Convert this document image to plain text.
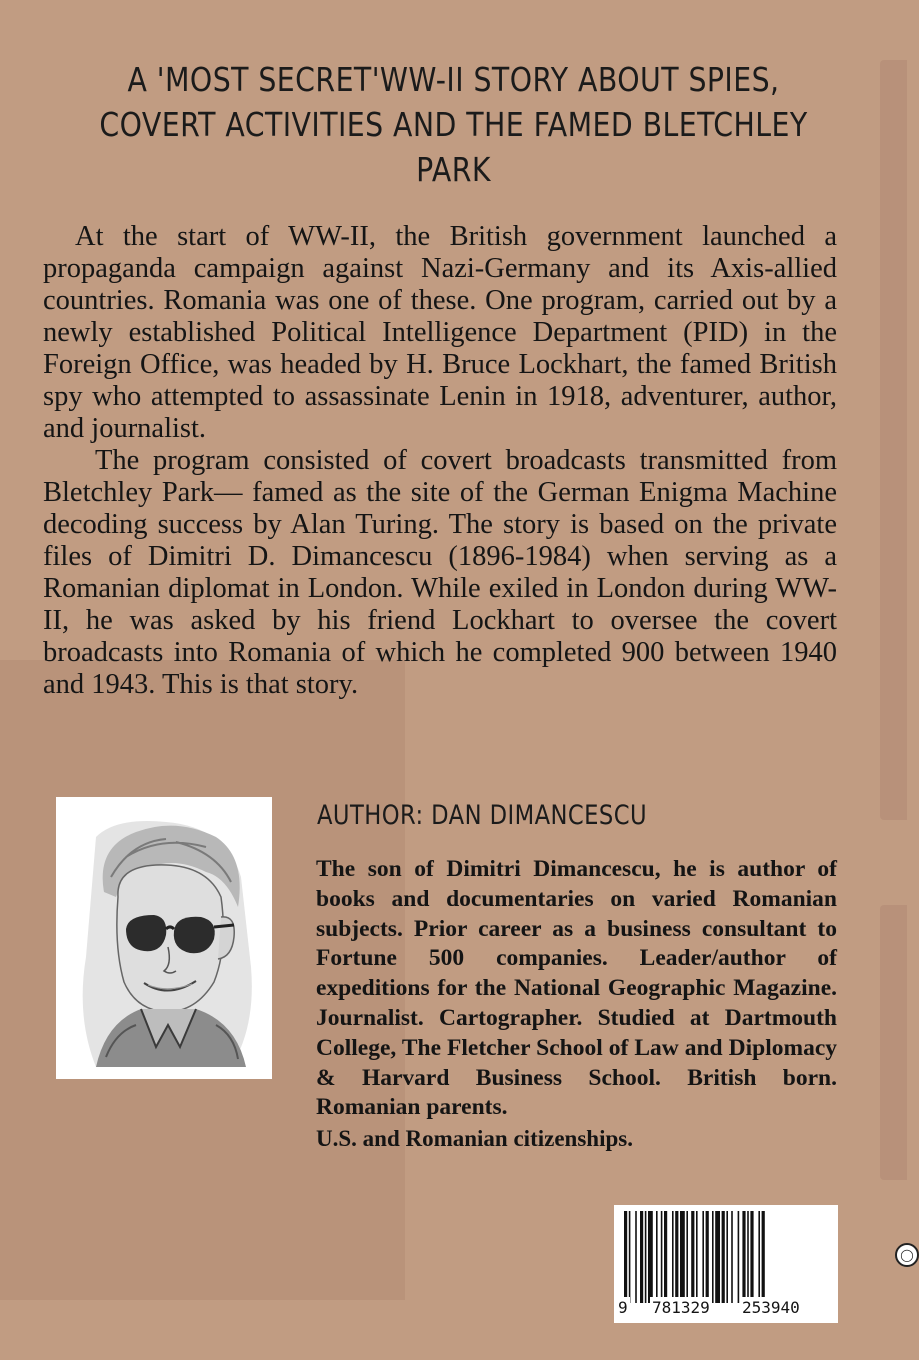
A 'MOST SECRET'WW-II STORY ABOUT SPIES,
COVERT ACTIVITIES AND THE FAMED BLETCHLEY
PARK

At the start of WW-II, the British government launched a propaganda campaign against Nazi-Germany and its Axis-allied countries. Romania was one of these. One program, carried out by a newly established Political Intelligence Department (PID) in the Foreign Office, was headed by H. Bruce Lockhart, the famed British spy who attempted to assassinate Lenin in 1918, adventurer, author, and journalist.

The program consisted of covert broadcasts transmitted from Bletchley Park— famed as the site of the German Enigma Machine decoding success by Alan Turing. The story is based on the private files of Dimitri D. Dimancescu (1896-1984) when serving as a Romanian diplomat in London. While exiled in London during WW-II, he was asked by his friend Lockhart to oversee the covert broadcasts into Romania of which he completed 900 between 1940 and 1943. This is that story.

AUTHOR: DAN DIMANCESCU

The son of Dimitri Dimancescu, he is author of books and documentaries on varied Romanian subjects. Prior career as a business consultant to Fortune 500 companies. Leader/author of expeditions for the National Geographic Magazine. Journalist. Cartographer. Studied at Dartmouth College, The Fletcher School of Law and Diplomacy & Harvard Business School. British born. Romanian parents.

U.S. and Romanian citizenships.

9 781329 253940
◯
